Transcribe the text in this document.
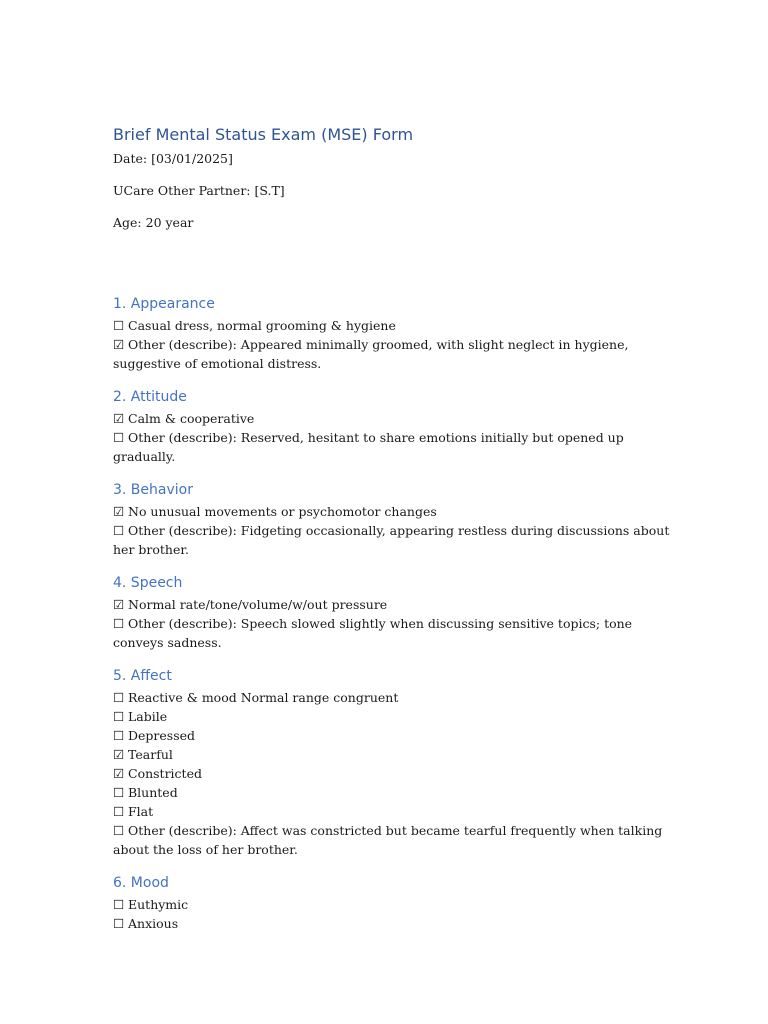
Brief Mental Status Exam (MSE) Form

Date: [03/01/2025]

UCare Other Partner: [S.T]

Age: 20 year

1. Appearance

☐ Casual dress, normal grooming & hygiene

☑ Other (describe): Appeared minimally groomed, with slight neglect in hygiene, suggestive of emotional distress.

2. Attitude

☑ Calm & cooperative

☐ Other (describe): Reserved, hesitant to share emotions initially but opened up gradually.

3. Behavior

☑ No unusual movements or psychomotor changes

☐ Other (describe): Fidgeting occasionally, appearing restless during discussions about her brother.

4. Speech

☑ Normal rate/tone/volume/w/out pressure

☐ Other (describe): Speech slowed slightly when discussing sensitive topics; tone conveys sadness.

5. Affect

☐ Reactive & mood Normal range congruent

☐ Labile

☐ Depressed

☑ Tearful

☑ Constricted

☐ Blunted

☐ Flat

☐ Other (describe): Affect was constricted but became tearful frequently when talking about the loss of her brother.

6. Mood

☐ Euthymic

☐ Anxious
